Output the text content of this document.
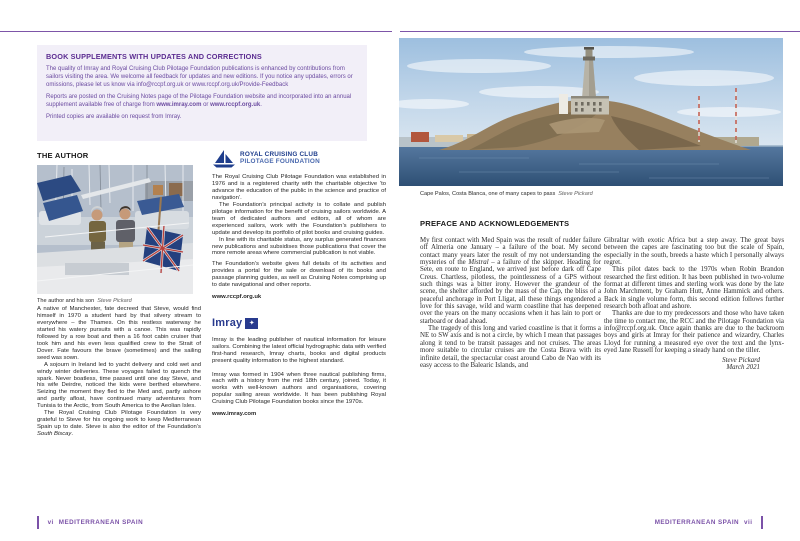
BOOK SUPPLEMENTS WITH UPDATES AND CORRECTIONS

The quality of Imray and Royal Cruising Club Pilotage Foundation publications is enhanced by contributions from sailors visiting the area. We welcome all feedback for updates and new editions. If you notice any updates, errors or omissions, please let us know via info@rccpf.org.uk or www.rccpf.org.uk/Provide-Feedback

Reports are posted on the Cruising Notes page of the Pilotage Foundation website and incorporated into an annual supplement available free of charge from www.imray.com or www.rccpf.org.uk.

Printed copies are available on request from Imray.

THE AUTHOR

The author and his son Steve Pickard

A native of Manchester, fate decreed that Steve, would find himself in 1970 a student hard by that silvery stream to everywhere – the Thames. On this restless waterway he started his watery pursuits with a canoe. This was rapidly followed by a row boat and then a 16 foot cabin cruiser that took him and his even less qualified crew to the Strait of Dover. Fate favours the brave (sometimes) and the sailing seed was sown.

A sojourn in Ireland led to yacht delivery and cold wet and windy winter deliveries. These voyages failed to quench the spark. Never boatless, time passed until one day Steve, and his wife Deirdre, noticed the kids were berthed elsewhere. Seizing the moment they fled to the Med and, partly ashore and partly afloat, have continued many adventures from Tunisia to the Arctic, from South America to the Aeolian Isles.

The Royal Cruising Club Pilotage Foundation is very grateful to Steve for his ongoing work to keep Mediterranean Spain up to date. Steve is also the editor of the Foundation’s South Biscay.

ROYAL CRUISING CLUB
PILOTAGE FOUNDATION

The Royal Cruising Club Pilotage Foundation was established in 1976 and is a registered charity with the charitable objective ‘to advance the education of the public in the science and practice of navigation’.

The Foundation’s principal activity is to collate and publish pilotage information for the benefit of cruising sailors worldwide. A team of dedicated authors and editors, all of whom are experienced sailors, work with the Foundation’s publishers to update and develop its portfolio of pilot books and cruising guides.

In line with its charitable status, any surplus generated finances new publications and subsidises those publications that cover the more remote areas where commercial publication is not viable.

The Foundation’s website gives full details of its activities and provides a portal for the sale or download of its books and passage planning guides, as well as Cruising Notes comprising up to date navigational and other reports.

www.rccpf.org.uk

Imray ✦

Imray is the leading publisher of nautical information for leisure sailors. Combining the latest official hydrographic data with verified first-hand research, Imray charts, books and digital products present quality information to the highest standard.

Imray was formed in 1904 when three nautical publishing firms, each with a history from the mid 18th century, joined. Today, it works with well-known authors and organisations, covering popular sailing areas worldwide. It has been publishing Royal Cruising Club Pilotage Foundation books since the 1970s.

www.imray.com

vi MEDITERRANEAN SPAIN

Cape Palos, Costa Blanca, one of many capes to pass Steve Pickard

PREFACE AND ACKNOWLEDGEMENTS

My first contact with Med Spain was the result of rudder failure off Almeria one January – a failure of the boat. My second contact many years later the result of my not understanding the mysteries of the Mistral – a failure of the skipper. Heading for Sete, en route to England, we arrived just before dark off Cape Creus. Chartless, pilotless, the pointlessness of a GPS without such things was a bitter irony. However the grandeur of the scene, the shelter afforded by the mass of the Cap, the bliss of a peaceful anchorage in Port Lligat, all these things engendered a love for this savage, wild and warm coastline that has deepened over the years on the many occasions when it has lain to port or starboard or dead ahead.

The tragedy of this long and varied coastline is that it forms a NE to SW axis and is not a circle, by which I mean that passages along it tend to be transit passages and not cruises. The areas more suitable to circular cruises are the Costa Brava with its infinite detail, the spectacular coast around Cabo de Nao with its easy access to the Balearic Islands, and

Gibraltar with exotic Africa but a step away. The great bays between the capes are fascinating too but the scale of Spain, especially in the south, breeds a haste which I personally always regret.

This pilot dates back to the 1970s when Robin Brandon researched the first edition. It has been published in two-volume format at different times and sterling work was done by the late John Marchment, by Graham Hutt, Anne Hammick and others. Back in single volume form, this second edition follows further research both afloat and ashore.

Thanks are due to my predecessors and those who have taken the time to contact me, the RCC and the Pilotage Foundation via info@rccpf.org.uk. Once again thanks are due to the backroom boys and girls at Imray for their patience and wizardry, Charles Lloyd for running a measured eye over the text and the lynx-eyed Jane Russell for keeping a steady hand on the tiller.

Steve Pickard
March 2021

MEDITERRANEAN SPAIN vii
